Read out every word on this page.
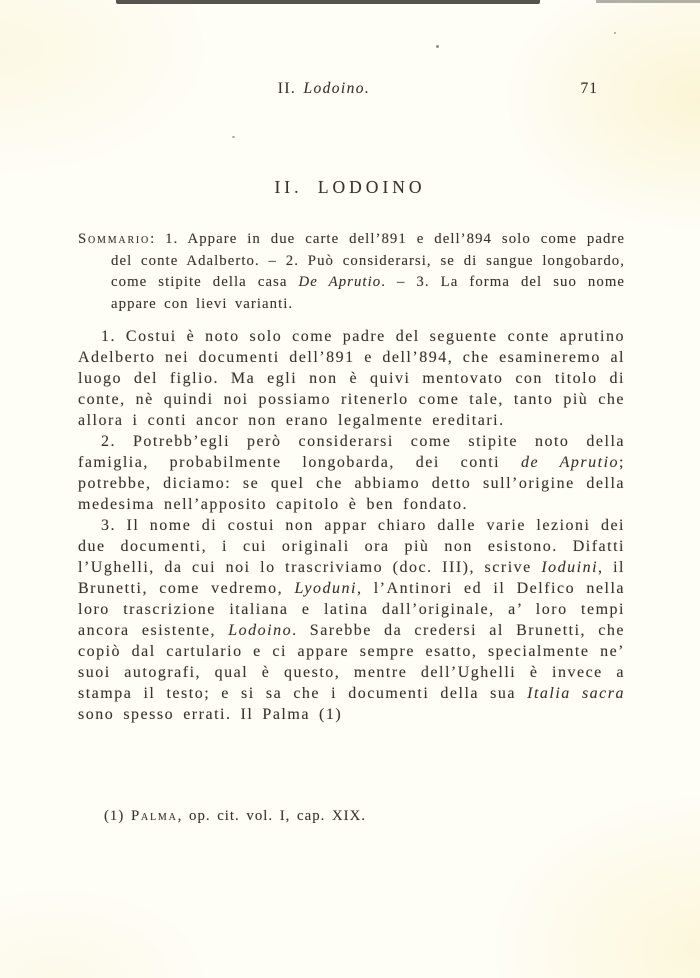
II. Lodoino.	71
II. LODOINO

Sommario: 1. Appare in due carte dell’891 e dell’894 solo come padre del conte Adalberto. – 2. Può considerarsi, se di sangue longobardo, come stipite della casa De Aprutio. – 3. La forma del suo nome appare con lievi varianti.

1. Costui è noto solo come padre del seguente conte aprutino Adelberto nei documenti dell’891 e dell’894, che esamineremo al luogo del figlio. Ma egli non è quivi mentovato con titolo di conte, nè quindi noi possiamo ritenerlo come tale, tanto più che allora i conti ancor non erano legalmente ereditari.

2. Potrebb’egli però considerarsi come stipite noto della famiglia, probabilmente longobarda, dei conti de Aprutio; potrebbe, diciamo: se quel che abbiamo detto sull’origine della medesima nell’apposito capitolo è ben fondato.

3. Il nome di costui non appar chiaro dalle varie lezioni dei due documenti, i cui originali ora più non esistono. Difatti l’Ughelli, da cui noi lo trascriviamo (doc. III), scrive Ioduini, il Brunetti, come vedremo, Lyoduni, l’Antinori ed il Delfico nella loro trascrizione italiana e latina dall’originale, a’ loro tempi ancora esistente, Lodoino. Sarebbe da credersi al Brunetti, che copiò dal cartulario e ci appare sempre esatto, specialmente ne’ suoi autografi, qual è questo, mentre dell’Ughelli è invece a stampa il testo; e si sa che i documenti della sua Italia sacra sono spesso errati. Il Palma (1)

(1) Palma, op. cit. vol. I, cap. XIX.
